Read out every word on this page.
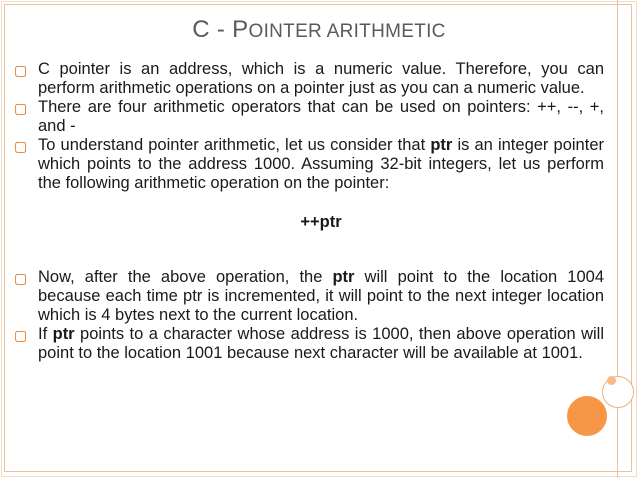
C - POINTER ARITHMETIC
▢ C pointer is an address, which is a numeric value. Therefore, you can perform arithmetic operations on a pointer just as you can a numeric value.
▢ There are four arithmetic operators that can be used on pointers: ++, --, +, and -
▢ To understand pointer arithmetic, let us consider that ptr is an integer pointer which points to the address 1000. Assuming 32-bit integers, let us perform the following arithmetic operation on the pointer:
++ptr
▢ Now, after the above operation, the ptr will point to the location 1004 because each time ptr is incremented, it will point to the next integer location which is 4 bytes next to the current location.
▢ If ptr points to a character whose address is 1000, then above operation will point to the location 1001 because next character will be available at 1001.
